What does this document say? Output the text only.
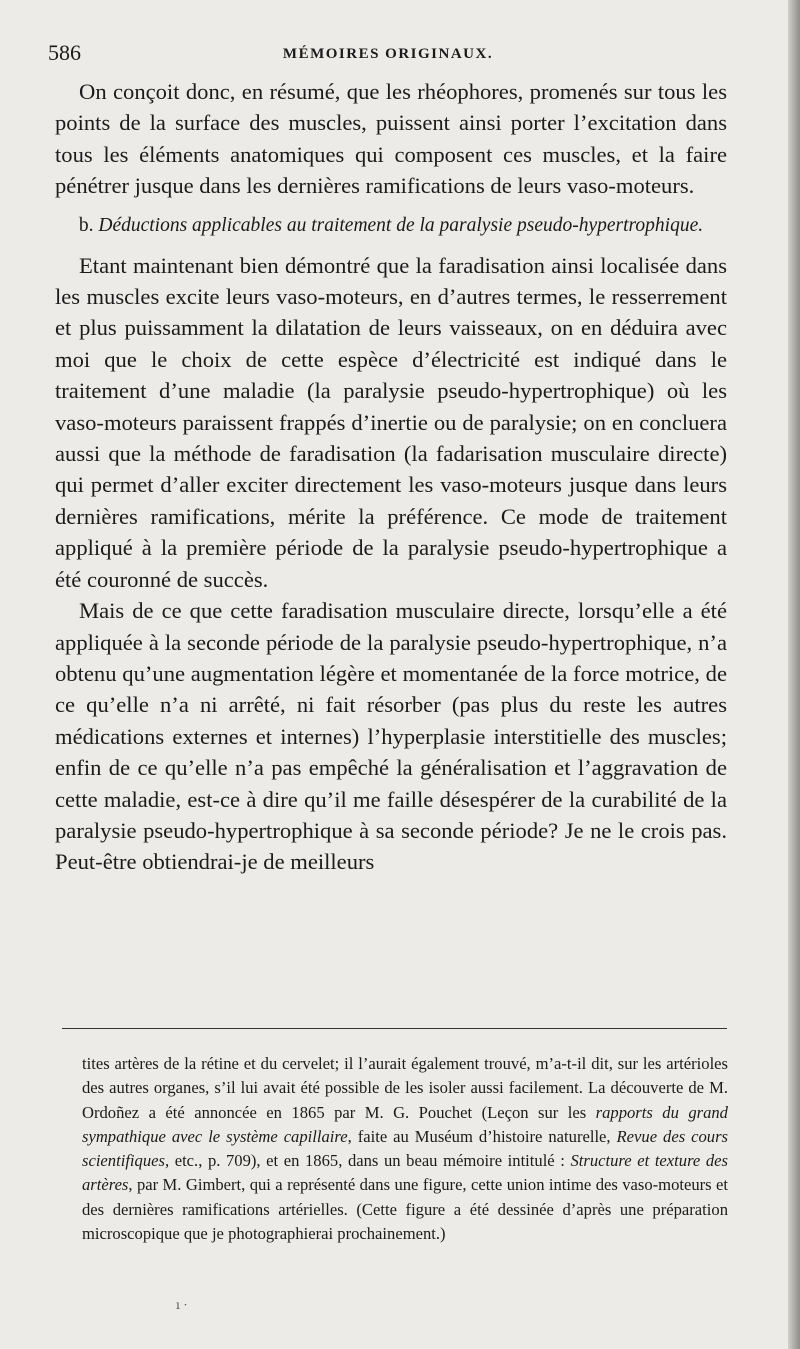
586	MÉMOIRES ORIGINAUX.

On conçoit donc, en résumé, que les rhéophores, promenés sur tous les points de la surface des muscles, puissent ainsi porter l’excitation dans tous les éléments anatomiques qui composent ces muscles, et la faire pénétrer jusque dans les dernières ramifications de leurs vaso-moteurs.

b. Déductions applicables au traitement de la paralysie pseudo-hypertrophique.

Etant maintenant bien démontré que la faradisation ainsi localisée dans les muscles excite leurs vaso-moteurs, en d’autres termes, le resserrement et plus puissamment la dilatation de leurs vaisseaux, on en déduira avec moi que le choix de cette espèce d’électricité est indiqué dans le traitement d’une maladie (la paralysie pseudo-hypertrophique) où les vaso-moteurs paraissent frappés d’inertie ou de paralysie; on en concluera aussi que la méthode de faradisation (la fadarisation musculaire directe) qui permet d’aller exciter directement les vaso-moteurs jusque dans leurs dernières ramifications, mérite la préférence. Ce mode de traitement appliqué à la première période de la paralysie pseudo-hypertrophique a été couronné de succès.

Mais de ce que cette faradisation musculaire directe, lorsqu’elle a été appliquée à la seconde période de la paralysie pseudo-hypertrophique, n’a obtenu qu’une augmentation légère et momentanée de la force motrice, de ce qu’elle n’a ni arrêté, ni fait résorber (pas plus du reste les autres médications externes et internes) l’hyperplasie interstitielle des muscles; enfin de ce qu’elle n’a pas empêché la généralisation et l’aggravation de cette maladie, est-ce à dire qu’il me faille désespérer de la curabilité de la paralysie pseudo-hypertrophique à sa seconde période? Je ne le crois pas. Peut-être obtiendrai-je de meilleurs

tites artères de la rétine et du cervelet; il l’aurait également trouvé, m’a-t-il dit, sur les artérioles des autres organes, s’il lui avait été possible de les isoler aussi facilement. La découverte de M. Ordoñez a été annoncée en 1865 par M. G. Pouchet (Leçon sur les rapports du grand sympathique avec le système capillaire, faite au Muséum d’histoire naturelle, Revue des cours scientifiques, etc., p. 709), et en 1865, dans un beau mémoire intitulé : Structure et texture des artères, par M. Gimbert, qui a représenté dans une figure, cette union intime des vaso-moteurs et des dernières ramifications artérielles. (Cette figure a été dessinée d’après une préparation microscopique que je photographierai prochainement.)

ı ·
